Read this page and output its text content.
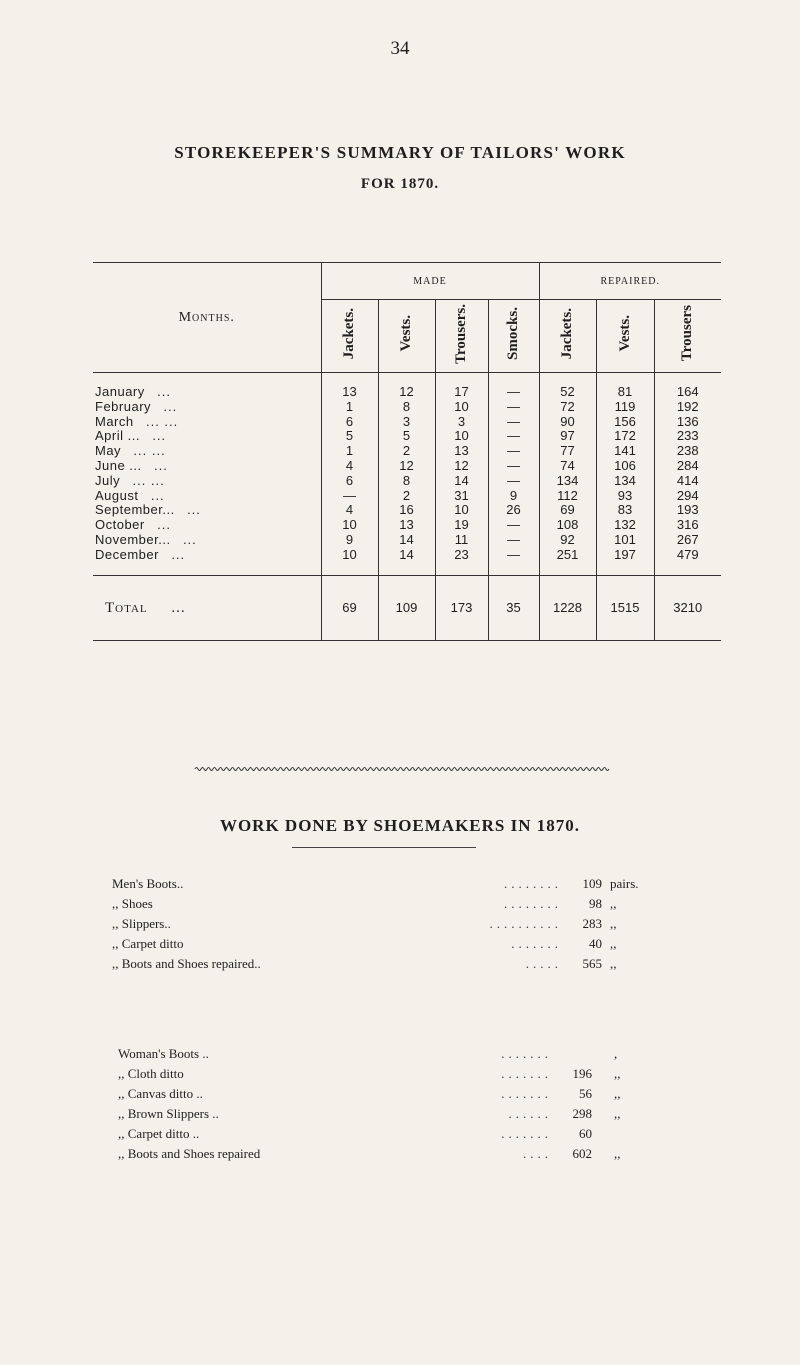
34
STOREKEEPER'S SUMMARY OF TAILORS' WORK
FOR 1870.
Months.	MADE				REPAIRED.		
	Jackets.	Vests.	Trousers.	Smocks.	Jackets.	Vests.	Trousers

January ...	13	12	17	—	52	81	164
February ...	1	8	10	—	72	119	192
March ... ...	6	3	3	—	90	156	136
April ... ...	5	5	10	—	97	172	233
May ... ...	1	2	13	—	77	141	238
June ... ...	4	12	12	—	74	106	284
July ... ...	6	8	14	—	134	134	414
August ...	—	2	31	9	112	93	294
September... ...	4	16	10	26	69	83	193
October ...	10	13	19	—	108	132	316
November... ...	9	14	11	—	92	101	267
December ...	10	14	23	—	251	197	479

Total ...	69	109	173	35	1228	1515	3210
WORK DONE BY SHOEMAKERS IN 1870.
Men's Boots..	........ 109 pairs.
,, Shoes	........ 98 ,,
,, Slippers..	.......... 283 ,,
,, Carpet ditto	....... 40 ,,
,, Boots and Shoes repaired..	..... 565 ,,
Woman's Boots ..	.......	,
,, Cloth ditto	....... 196 ,,
,, Canvas ditto ..	....... 56 ,,
,, Brown Slippers ..	...... 298 ,,
,, Carpet ditto ..	....... 60
,, Boots and Shoes repaired	.... 602 ,,
